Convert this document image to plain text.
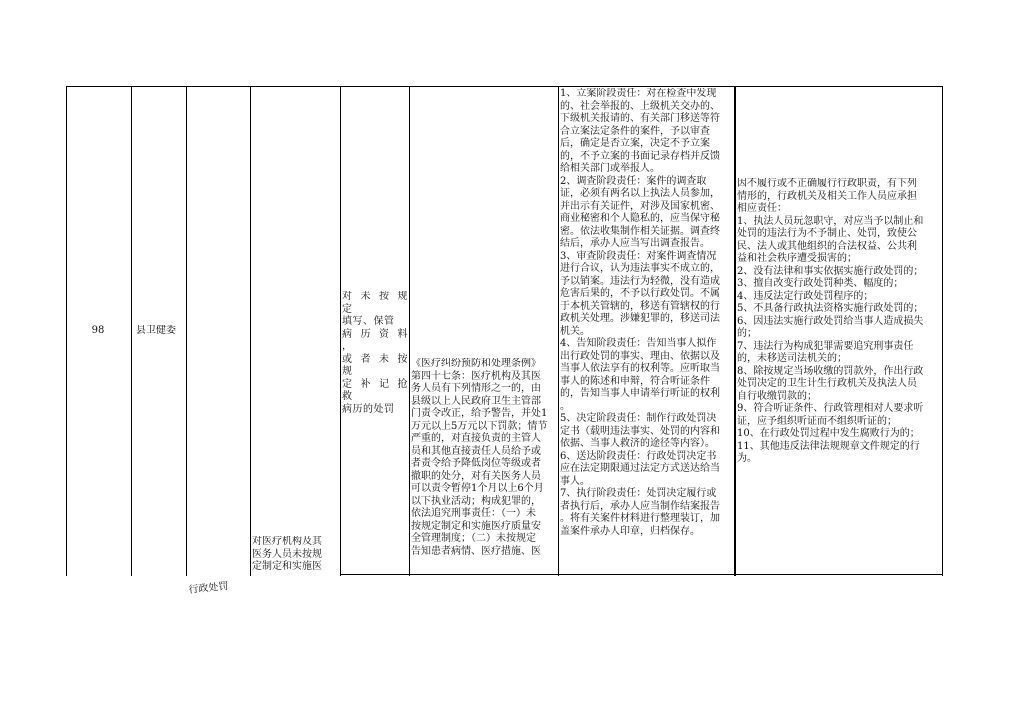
98	县卫健委
行政处罚
对医疗机构及其
医务人员未按规
定制定和实施医
对 未 按 规 定
填写、保管
病 历 资 料 ，
或 者 未 按 规
定 补 记 抢 救
病历的处罚
《医疗纠纷预防和处理条例》
第四十七条：医疗机构及其医
务人员有下列情形之一的，由
县级以上人民政府卫生主管部
门责令改正，给予警告，并处1
万元以上5万元以下罚款；情节
严重的，对直接负责的主管人
员和其他直接责任人员给予或
者责令给予降低岗位等级或者
撤职的处分，对有关医务人员
可以责令暂停1个月以上6个月
以下执业活动；构成犯罪的，
依法追究刑事责任：（一）未
按规定制定和实施医疗质量安
全管理制度；（二）未按规定
告知患者病情、医疗措施、医
1、立案阶段责任：对在检查中发现
的、社会举报的、上级机关交办的、
下级机关报请的、有关部门移送等符
合立案法定条件的案件，予以审查
后，确定是否立案，决定不予立案
的，不予立案的书面记录存档并反馈
给相关部门或举报人。
2、调查阶段责任：案件的调查取
证，必须有两名以上执法人员参加，
并出示有关证件，对涉及国家机密、
商业秘密和个人隐私的，应当保守秘
密。依法收集制作相关证据。调查终
结后，承办人应当写出调查报告。
3、审查阶段责任：对案件调查情况
进行合议，认为违法事实不成立的，
予以销案。违法行为轻微，没有造成
危害后果的，不予以行政处罚。不属
于本机关管辖的，移送有管辖权的行
政机关处理。涉嫌犯罪的，移送司法
机关。
4、告知阶段责任：告知当事人拟作
出行政处罚的事实、理由、依据以及
当事人依法享有的权利等。应听取当
事人的陈述和申辩，符合听证条件
的，告知当事人申请举行听证的权利
。
5、决定阶段责任：制作行政处罚决
定书（载明违法事实、处罚的内容和
依据、当事人救济的途径等内容）。
6、送达阶段责任：行政处罚决定书
应在法定期限通过法定方式送达给当
事人。
7、执行阶段责任：处罚决定履行或
者执行后，承办人应当制作结案报告
。将有关案件材料进行整理装订，加
盖案件承办人印章，归档保存。
因不履行或不正确履行行政职责，有下列
情形的，行政机关及相关工作人员应承担
相应责任：
1、执法人员玩忽职守，对应当予以制止和
处罚的违法行为不予制止、处罚，致使公
民、法人或其他组织的合法权益、公共利
益和社会秩序遭受损害的；
2、没有法律和事实依据实施行政处罚的；
3、擅自改变行政处罚种类、幅度的；
4、违反法定行政处罚程序的；
5、不具备行政执法资格实施行政处罚的；
6、因违法实施行政处罚给当事人造成损失
的；
7、违法行为构成犯罪需要追究刑事责任
的，未移送司法机关的；
8、除按规定当场收缴的罚款外，作出行政
处罚决定的卫生计生行政机关及执法人员
自行收缴罚款的；
9、符合听证条件、行政管理相对人要求听
证，应予组织听证而不组织听证的；
10、在行政处罚过程中发生腐败行为的；
11、其他违反法律法规规章文件规定的行
为。
